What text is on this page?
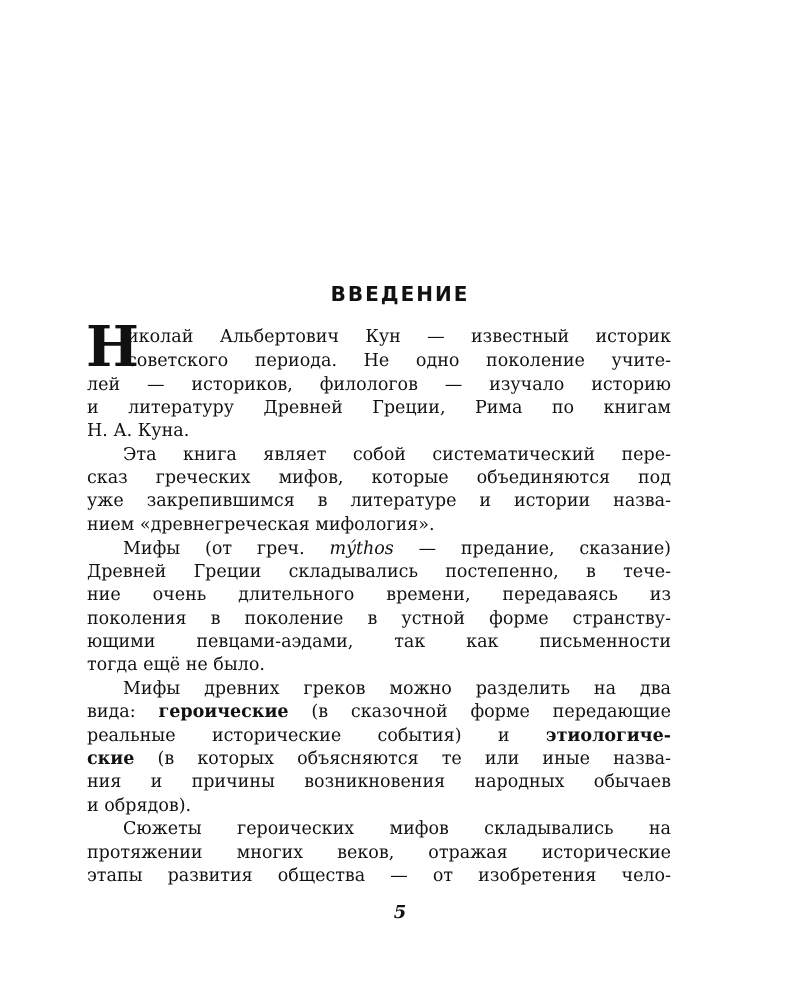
ВВЕДЕНИЕ
Н
иколай Альбертович Кун — известный историк
советского периода. Не одно поколение учите-
лей — историков, филологов — изучало историю
и литературу Древней Греции, Рима по книгам
Н. А. Куна.
Эта книга являет собой систематический пере-
сказ греческих мифов, которые объединяются под
уже закрепившимся в литературе и истории назва-
нием «древнегреческая мифология».
Мифы (от греч. mýthos — предание, сказание)
Древней Греции складывались постепенно, в тече-
ние очень длительного времени, передаваясь из
поколения в поколение в устной форме странству-
ющими певцами-аэдами, так как письменности
тогда ещё не было.
Мифы древних греков можно разделить на два
вида: героические (в сказочной форме передающие
реальные исторические события) и этиологиче-
ские (в которых объясняются те или иные назва-
ния и причины возникновения народных обычаев
и обрядов).
Сюжеты героических мифов складывались на
протяжении многих веков, отражая исторические
этапы развития общества — от изобретения чело-
5
